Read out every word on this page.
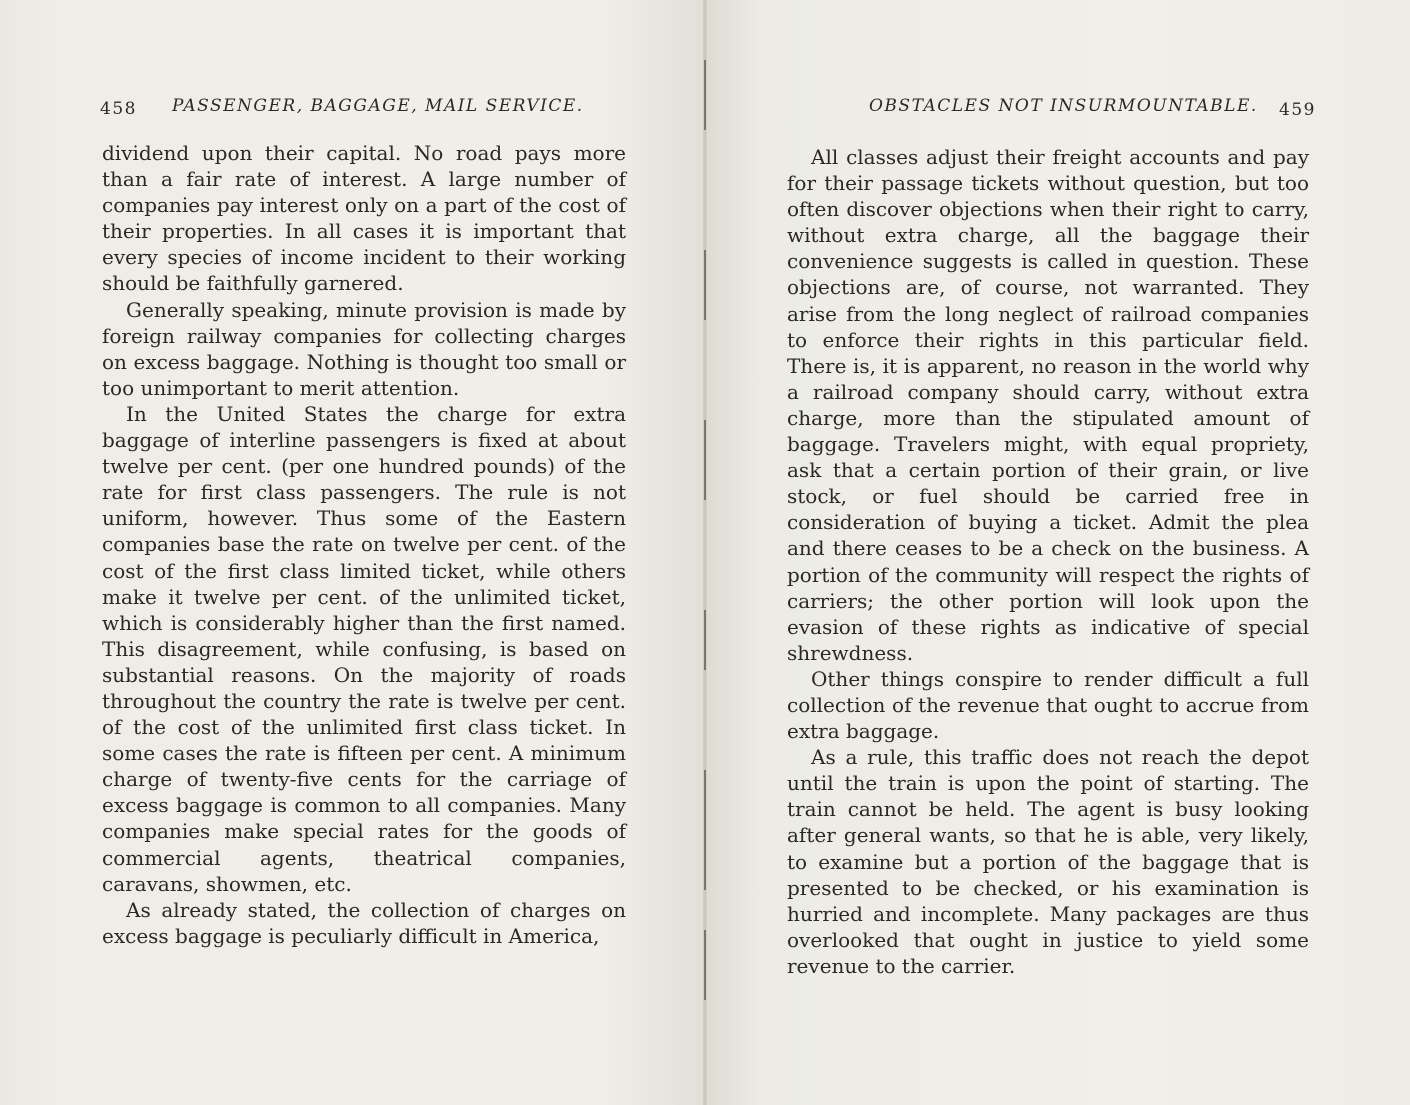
458 PASSENGER, BAGGAGE, MAIL SERVICE.

dividend upon their capital. No road pays more than a fair rate of interest. A large number of companies pay interest only on a part of the cost of their properties. In all cases it is important that every species of income incident to their working should be faithfully garnered.

Generally speaking, minute provision is made by foreign railway companies for collecting charges on excess baggage. Nothing is thought too small or too unimportant to merit attention.

In the United States the charge for extra baggage of interline passengers is fixed at about twelve per cent. (per one hundred pounds) of the rate for first class passengers. The rule is not uniform, however. Thus some of the Eastern companies base the rate on twelve per cent. of the cost of the first class limited ticket, while others make it twelve per cent. of the unlimited ticket, which is considerably higher than the first named. This disagreement, while confusing, is based on substantial reasons. On the majority of roads throughout the country the rate is twelve per cent. of the cost of the unlimited first class ticket. In some cases the rate is fifteen per cent. A minimum charge of twenty-five cents for the carriage of excess baggage is common to all companies. Many companies make special rates for the goods of commercial agents, theatrical companies, caravans, showmen, etc.

As already stated, the collection of charges on excess baggage is peculiarly difficult in America,

OBSTACLES NOT INSURMOUNTABLE. 459

All classes adjust their freight accounts and pay for their passage tickets without question, but too often discover objections when their right to carry, without extra charge, all the baggage their convenience suggests is called in question. These objections are, of course, not warranted. They arise from the long neglect of railroad companies to enforce their rights in this particular field. There is, it is apparent, no reason in the world why a railroad company should carry, without extra charge, more than the stipulated amount of baggage. Travelers might, with equal propriety, ask that a certain portion of their grain, or live stock, or fuel should be carried free in consideration of buying a ticket. Admit the plea and there ceases to be a check on the business. A portion of the community will respect the rights of carriers; the other portion will look upon the evasion of these rights as indicative of special shrewdness.

Other things conspire to render difficult a full collection of the revenue that ought to accrue from extra baggage.

As a rule, this traffic does not reach the depot until the train is upon the point of starting. The train cannot be held. The agent is busy looking after general wants, so that he is able, very likely, to examine but a portion of the baggage that is presented to be checked, or his examination is hurried and incomplete. Many packages are thus overlooked that ought in justice to yield some revenue to the carrier.
